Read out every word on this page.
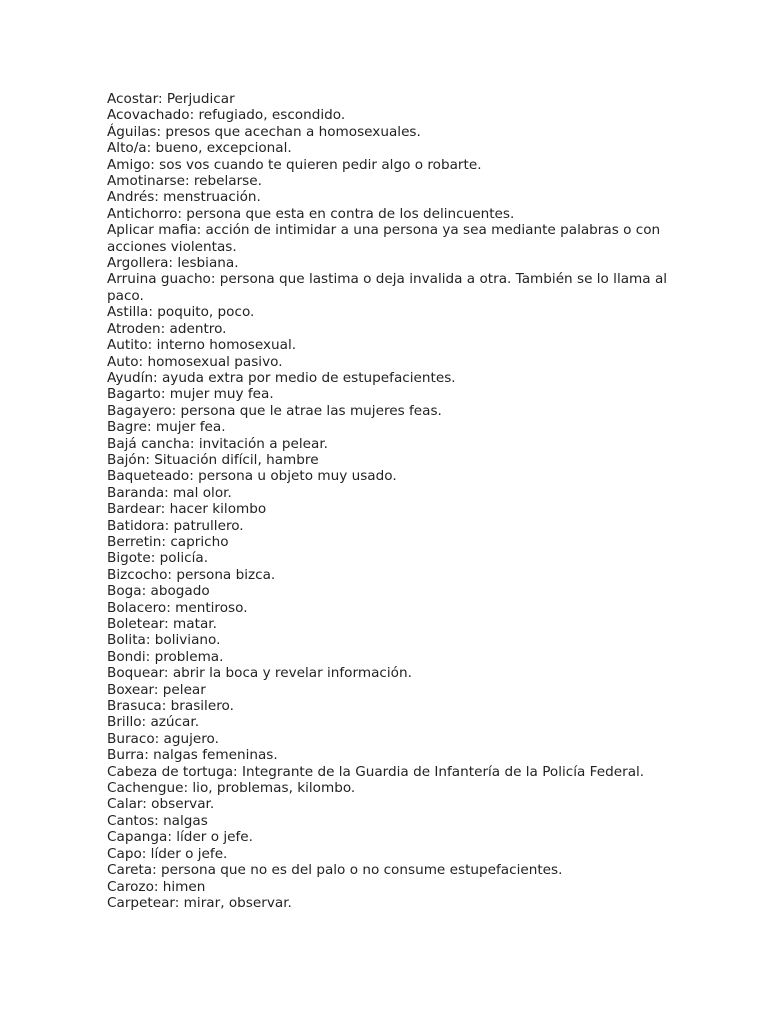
Acostar: Perjudicar
Acovachado: refugiado, escondido.
Águilas: presos que acechan a homosexuales.
Alto/a: bueno, excepcional.
Amigo: sos vos cuando te quieren pedir algo o robarte.
Amotinarse: rebelarse.
Andrés: menstruación.
Antichorro: persona que esta en contra de los delincuentes.
Aplicar mafia: acción de intimidar a una persona ya sea mediante palabras o con acciones violentas.
Argollera: lesbiana.
Arruina guacho: persona que lastima o deja invalida a otra. También se lo llama al paco.
Astilla: poquito, poco.
Atroden: adentro.
Autito: interno homosexual.
Auto: homosexual pasivo.
Ayudín: ayuda extra por medio de estupefacientes.
Bagarto: mujer muy fea.
Bagayero: persona que le atrae las mujeres feas.
Bagre: mujer fea.
Bajá cancha: invitación a pelear.
Bajón: Situación difícil, hambre
Baqueteado: persona u objeto muy usado.
Baranda: mal olor.
Bardear: hacer kilombo
Batidora: patrullero.
Berretin: capricho
Bigote: policía.
Bizcocho: persona bizca.
Boga: abogado
Bolacero: mentiroso.
Boletear: matar.
Bolita: boliviano.
Bondi: problema.
Boquear: abrir la boca y revelar información.
Boxear: pelear
Brasuca: brasilero.
Brillo: azúcar.
Buraco: agujero.
Burra: nalgas femeninas.
Cabeza de tortuga: Integrante de la Guardia de Infantería de la Policía Federal.
Cachengue: lio, problemas, kilombo.
Calar: observar.
Cantos: nalgas
Capanga: líder o jefe.
Capo: líder o jefe.
Careta: persona que no es del palo o no consume estupefacientes.
Carozo: himen
Carpetear: mirar, observar.
